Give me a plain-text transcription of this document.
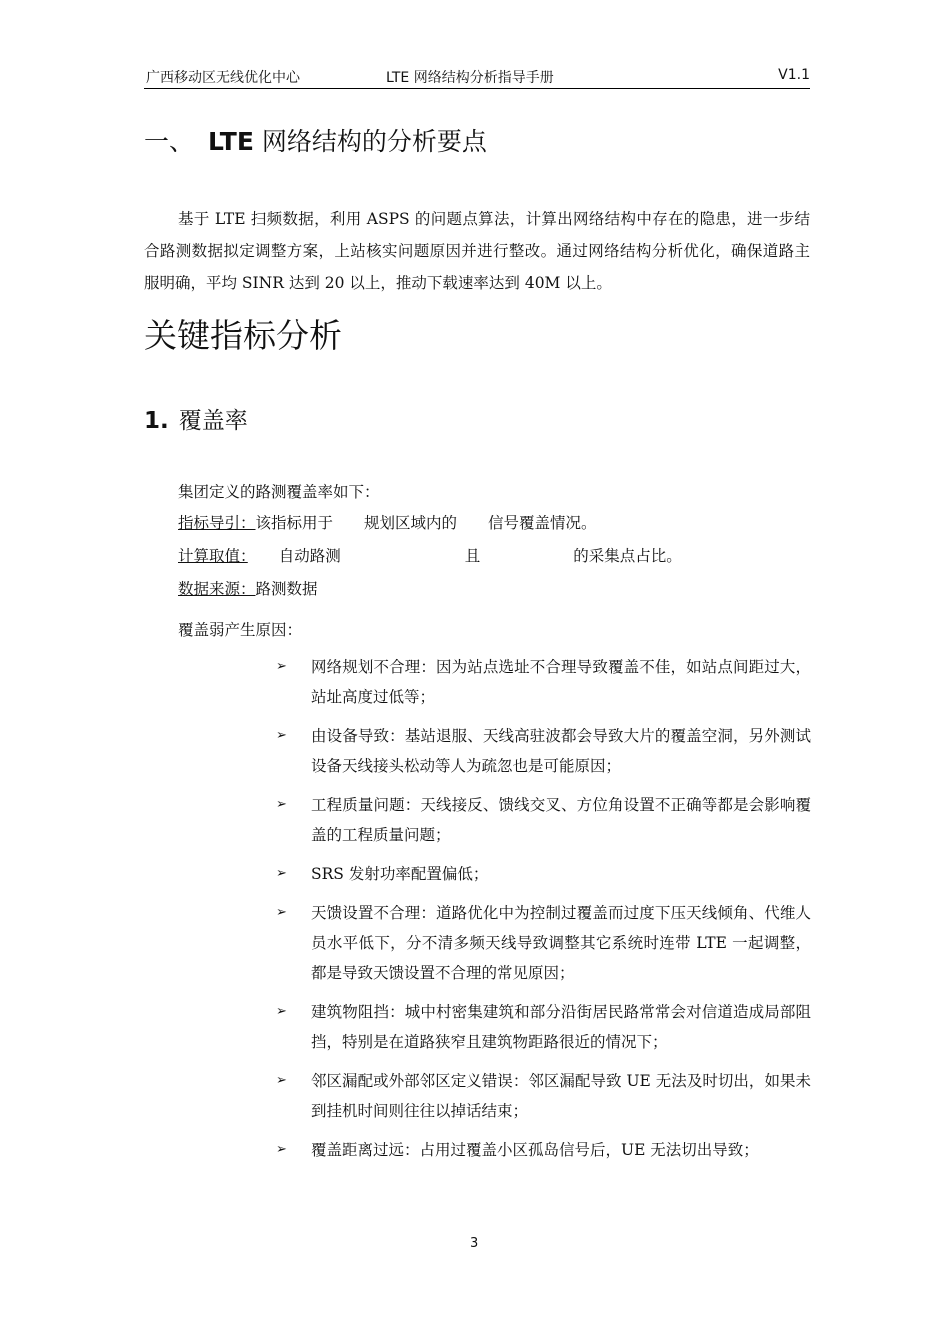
广西移动区无线优化中心	LTE 网络结构分析指导手册	V1.1
一、 LTE 网络结构的分析要点

基于 LTE 扫频数据，利用 ASPS 的问题点算法，计算出网络结构中存在的隐患，进一步结合路测数据拟定调整方案，上站核实问题原因并进行整改。通过网络结构分析优化，确保道路主服明确，平均 SINR 达到 20 以上，推动下载速率达到 40M 以上。

关键指标分析
1. 覆盖率
集团定义的路测覆盖率如下：
指标导引：该指标用于　　规划区域内的　　信号覆盖情况。
计算取值：　　自动路测　　　　　　　　且　　　　　　的采集点占比。
数据来源：路测数据
覆盖弱产生原因：
➢ 网络规划不合理：因为站点选址不合理导致覆盖不佳，如站点间距过大，站址高度过低等；
➢ 由设备导致：基站退服、天线高驻波都会导致大片的覆盖空洞，另外测试设备天线接头松动等人为疏忽也是可能原因；
➢ 工程质量问题：天线接反、馈线交叉、方位角设置不正确等都是会影响覆盖的工程质量问题；
➢ SRS 发射功率配置偏低；
➢ 天馈设置不合理：道路优化中为控制过覆盖而过度下压天线倾角、代维人员水平低下，分不清多频天线导致调整其它系统时连带 LTE 一起调整，都是导致天馈设置不合理的常见原因；
➢ 建筑物阻挡：城中村密集建筑和部分沿街居民路常常会对信道造成局部阻挡，特别是在道路狭窄且建筑物距路很近的情况下；
➢ 邻区漏配或外部邻区定义错误：邻区漏配导致 UE 无法及时切出，如果未到挂机时间则往往以掉话结束；
➢ 覆盖距离过远：占用过覆盖小区孤岛信号后，UE 无法切出导致；
3
